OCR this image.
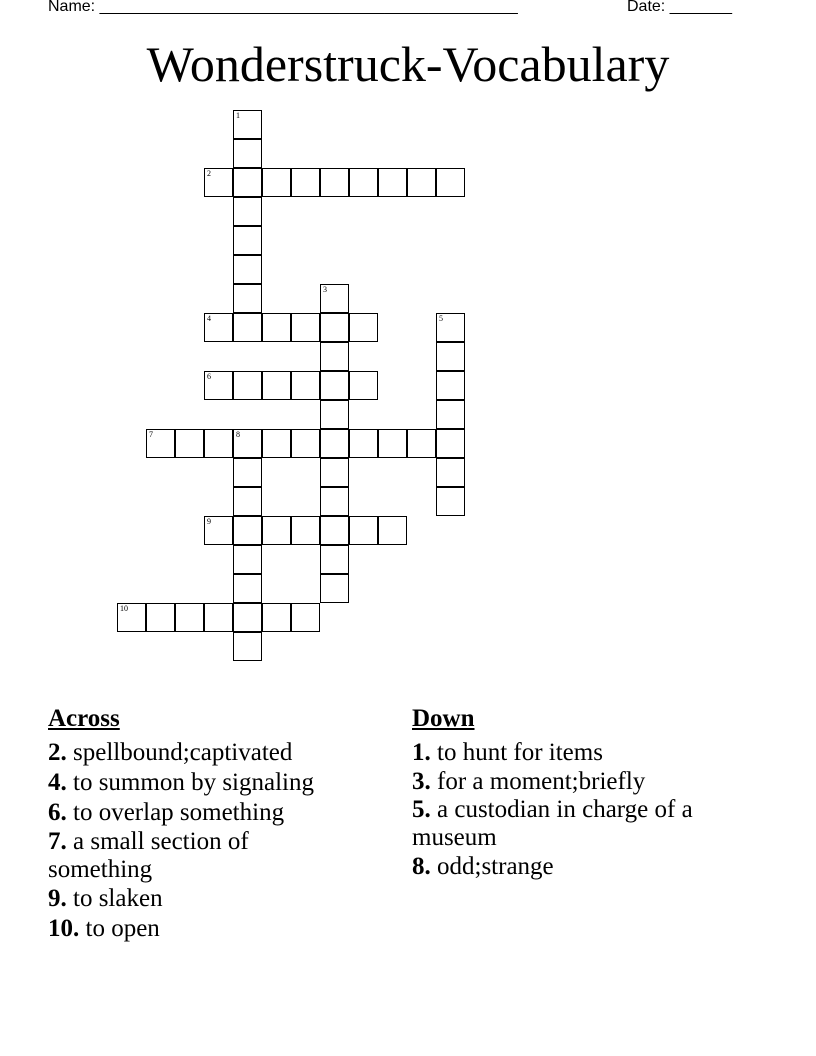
Name: _______________________________________________	Date: _______
Wonderstruck-Vocabulary
1
2
3
4	5
6
7	8
9
10
Across
2. spellbound;captivated
4. to summon by signaling
6. to overlap something
7. a small section of something
9. to slaken
10. to open
Down
1. to hunt for items
3. for a moment;briefly
5. a custodian in charge of a museum
8. odd;strange
